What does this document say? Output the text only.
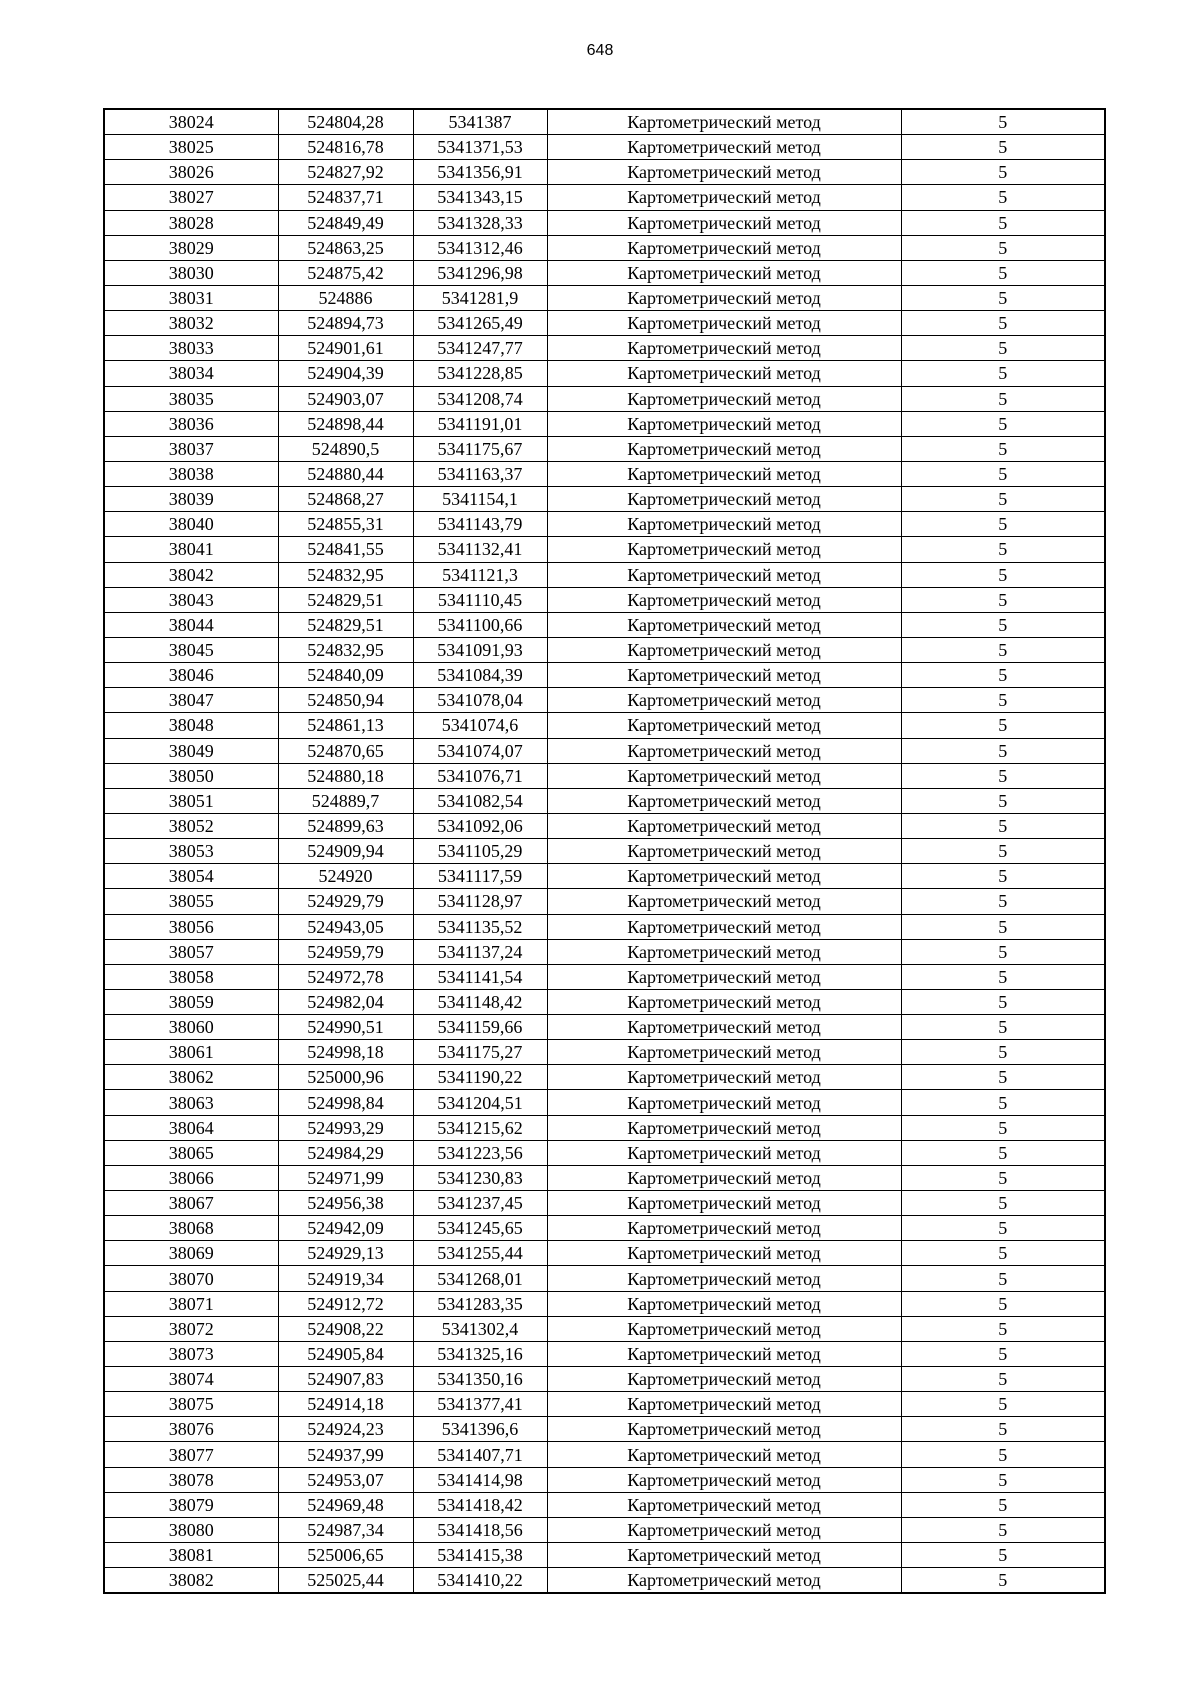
648
38024	524804,28	5341387	Картометрический метод	5
38025	524816,78	5341371,53	Картометрический метод	5
38026	524827,92	5341356,91	Картометрический метод	5
38027	524837,71	5341343,15	Картометрический метод	5
38028	524849,49	5341328,33	Картометрический метод	5
38029	524863,25	5341312,46	Картометрический метод	5
38030	524875,42	5341296,98	Картометрический метод	5
38031	524886	5341281,9	Картометрический метод	5
38032	524894,73	5341265,49	Картометрический метод	5
38033	524901,61	5341247,77	Картометрический метод	5
38034	524904,39	5341228,85	Картометрический метод	5
38035	524903,07	5341208,74	Картометрический метод	5
38036	524898,44	5341191,01	Картометрический метод	5
38037	524890,5	5341175,67	Картометрический метод	5
38038	524880,44	5341163,37	Картометрический метод	5
38039	524868,27	5341154,1	Картометрический метод	5
38040	524855,31	5341143,79	Картометрический метод	5
38041	524841,55	5341132,41	Картометрический метод	5
38042	524832,95	5341121,3	Картометрический метод	5
38043	524829,51	5341110,45	Картометрический метод	5
38044	524829,51	5341100,66	Картометрический метод	5
38045	524832,95	5341091,93	Картометрический метод	5
38046	524840,09	5341084,39	Картометрический метод	5
38047	524850,94	5341078,04	Картометрический метод	5
38048	524861,13	5341074,6	Картометрический метод	5
38049	524870,65	5341074,07	Картометрический метод	5
38050	524880,18	5341076,71	Картометрический метод	5
38051	524889,7	5341082,54	Картометрический метод	5
38052	524899,63	5341092,06	Картометрический метод	5
38053	524909,94	5341105,29	Картометрический метод	5
38054	524920	5341117,59	Картометрический метод	5
38055	524929,79	5341128,97	Картометрический метод	5
38056	524943,05	5341135,52	Картометрический метод	5
38057	524959,79	5341137,24	Картометрический метод	5
38058	524972,78	5341141,54	Картометрический метод	5
38059	524982,04	5341148,42	Картометрический метод	5
38060	524990,51	5341159,66	Картометрический метод	5
38061	524998,18	5341175,27	Картометрический метод	5
38062	525000,96	5341190,22	Картометрический метод	5
38063	524998,84	5341204,51	Картометрический метод	5
38064	524993,29	5341215,62	Картометрический метод	5
38065	524984,29	5341223,56	Картометрический метод	5
38066	524971,99	5341230,83	Картометрический метод	5
38067	524956,38	5341237,45	Картометрический метод	5
38068	524942,09	5341245,65	Картометрический метод	5
38069	524929,13	5341255,44	Картометрический метод	5
38070	524919,34	5341268,01	Картометрический метод	5
38071	524912,72	5341283,35	Картометрический метод	5
38072	524908,22	5341302,4	Картометрический метод	5
38073	524905,84	5341325,16	Картометрический метод	5
38074	524907,83	5341350,16	Картометрический метод	5
38075	524914,18	5341377,41	Картометрический метод	5
38076	524924,23	5341396,6	Картометрический метод	5
38077	524937,99	5341407,71	Картометрический метод	5
38078	524953,07	5341414,98	Картометрический метод	5
38079	524969,48	5341418,42	Картометрический метод	5
38080	524987,34	5341418,56	Картометрический метод	5
38081	525006,65	5341415,38	Картометрический метод	5
38082	525025,44	5341410,22	Картометрический метод	5
